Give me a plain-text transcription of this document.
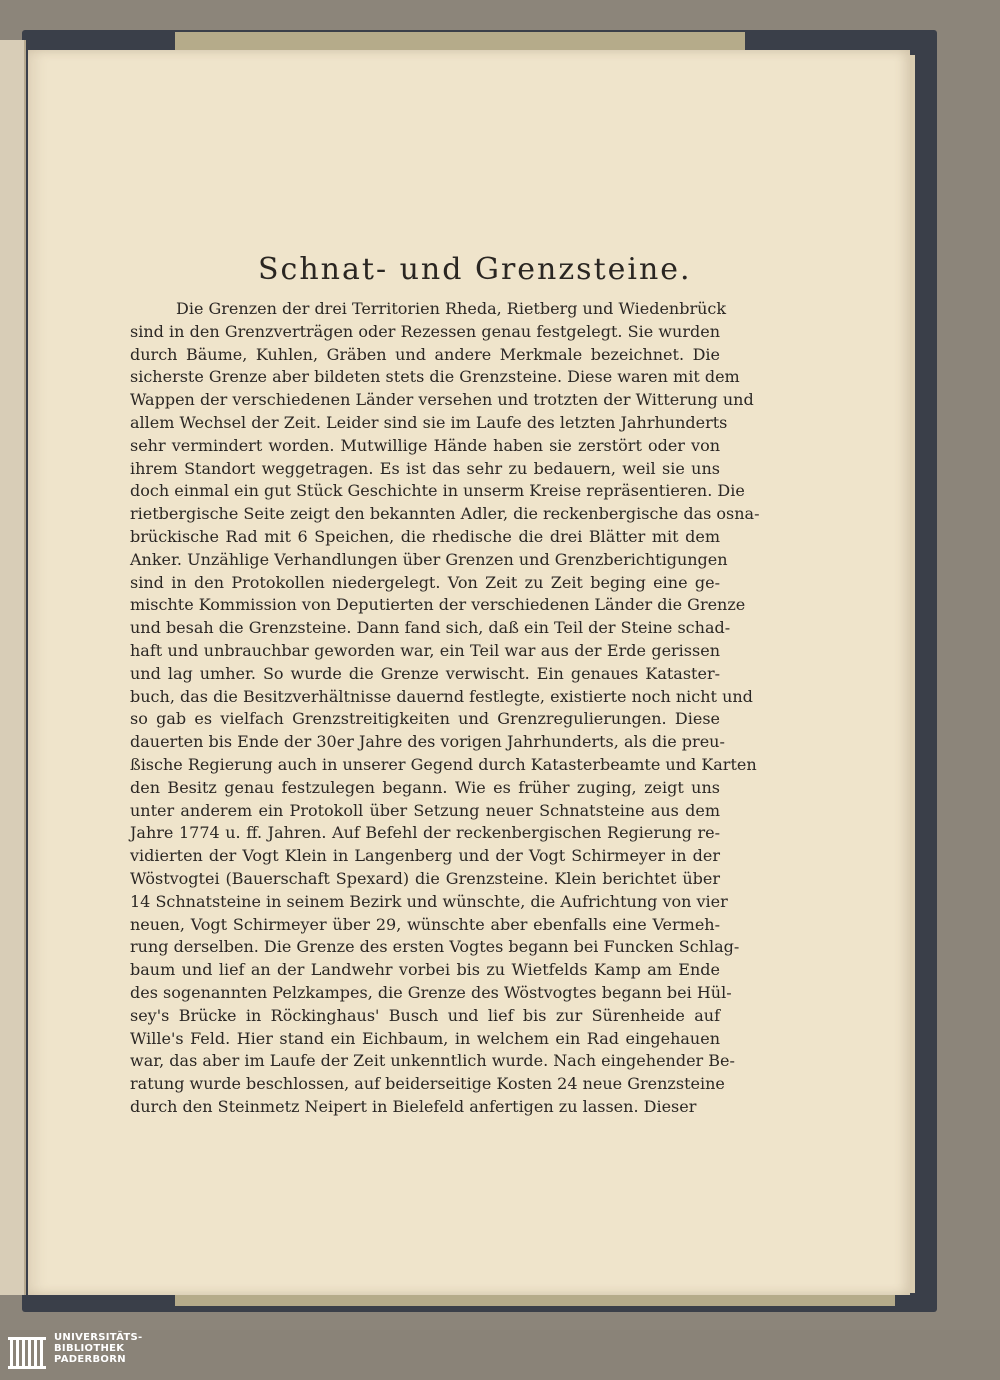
Schnat- und Grenzsteine.
Die Grenzen der drei Territorien Rheda, Rietberg und Wiedenbrück
sind in den Grenzverträgen oder Rezessen genau festgelegt. Sie wurden
durch Bäume, Kuhlen, Gräben und andere Merkmale bezeichnet. Die
sicherste Grenze aber bildeten stets die Grenzsteine. Diese waren mit dem
Wappen der verschiedenen Länder versehen und trotzten der Witterung und
allem Wechsel der Zeit. Leider sind sie im Laufe des letzten Jahrhunderts
sehr vermindert worden. Mutwillige Hände haben sie zerstört oder von
ihrem Standort weggetragen. Es ist das sehr zu bedauern, weil sie uns
doch einmal ein gut Stück Geschichte in unserm Kreise repräsentieren. Die
rietbergische Seite zeigt den bekannten Adler, die reckenbergische das osna-
brückische Rad mit 6 Speichen, die rhedische die drei Blätter mit dem
Anker. Unzählige Verhandlungen über Grenzen und Grenzberichtigungen
sind in den Protokollen niedergelegt. Von Zeit zu Zeit beging eine ge-
mischte Kommission von Deputierten der verschiedenen Länder die Grenze
und besah die Grenzsteine. Dann fand sich, daß ein Teil der Steine schad-
haft und unbrauchbar geworden war, ein Teil war aus der Erde gerissen
und lag umher. So wurde die Grenze verwischt. Ein genaues Kataster-
buch, das die Besitzverhältnisse dauernd festlegte, existierte noch nicht und
so gab es vielfach Grenzstreitigkeiten und Grenzregulierungen. Diese
dauerten bis Ende der 30er Jahre des vorigen Jahrhunderts, als die preu-
ßische Regierung auch in unserer Gegend durch Katasterbeamte und Karten
den Besitz genau festzulegen begann. Wie es früher zuging, zeigt uns
unter anderem ein Protokoll über Setzung neuer Schnatsteine aus dem
Jahre 1774 u. ff. Jahren. Auf Befehl der reckenbergischen Regierung re-
vidierten der Vogt Klein in Langenberg und der Vogt Schirmeyer in der
Wöstvogtei (Bauerschaft Spexard) die Grenzsteine. Klein berichtet über
14 Schnatsteine in seinem Bezirk und wünschte, die Aufrichtung von vier
neuen, Vogt Schirmeyer über 29, wünschte aber ebenfalls eine Vermeh-
rung derselben. Die Grenze des ersten Vogtes begann bei Funcken Schlag-
baum und lief an der Landwehr vorbei bis zu Wietfelds Kamp am Ende
des sogenannten Pelzkampes, die Grenze des Wöstvogtes begann bei Hül-
sey's Brücke in Röckinghaus' Busch und lief bis zur Sürenheide auf
Wille's Feld. Hier stand ein Eichbaum, in welchem ein Rad eingehauen
war, das aber im Laufe der Zeit unkenntlich wurde. Nach eingehender Be-
ratung wurde beschlossen, auf beiderseitige Kosten 24 neue Grenzsteine
durch den Steinmetz Neipert in Bielefeld anfertigen zu lassen. Dieser
UNIVERSITÄTS-
BIBLIOTHEK
PADERBORN
